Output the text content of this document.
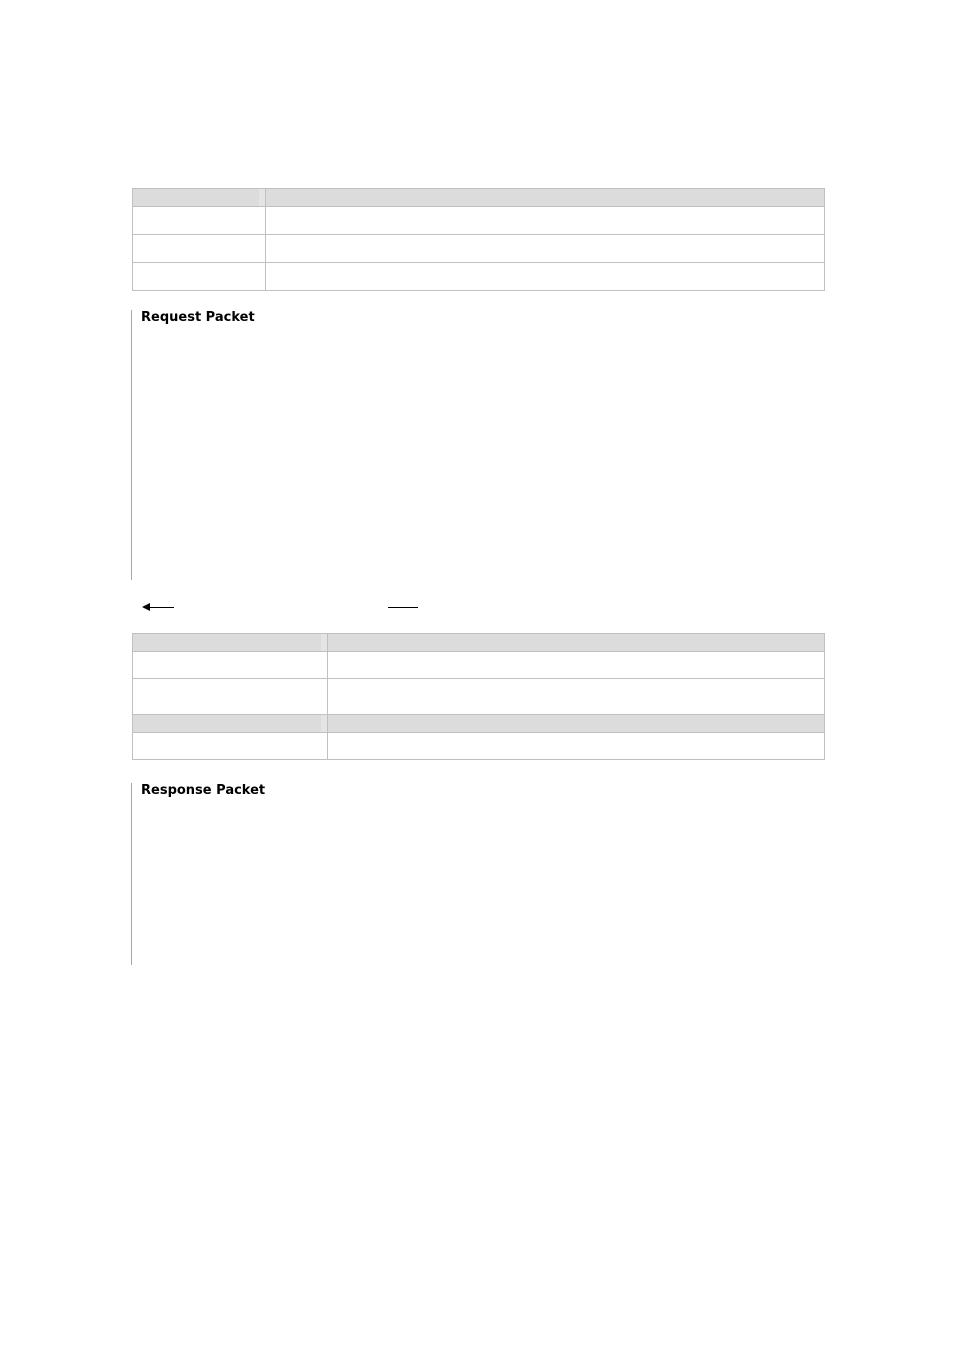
Request Packet

Response Packet
